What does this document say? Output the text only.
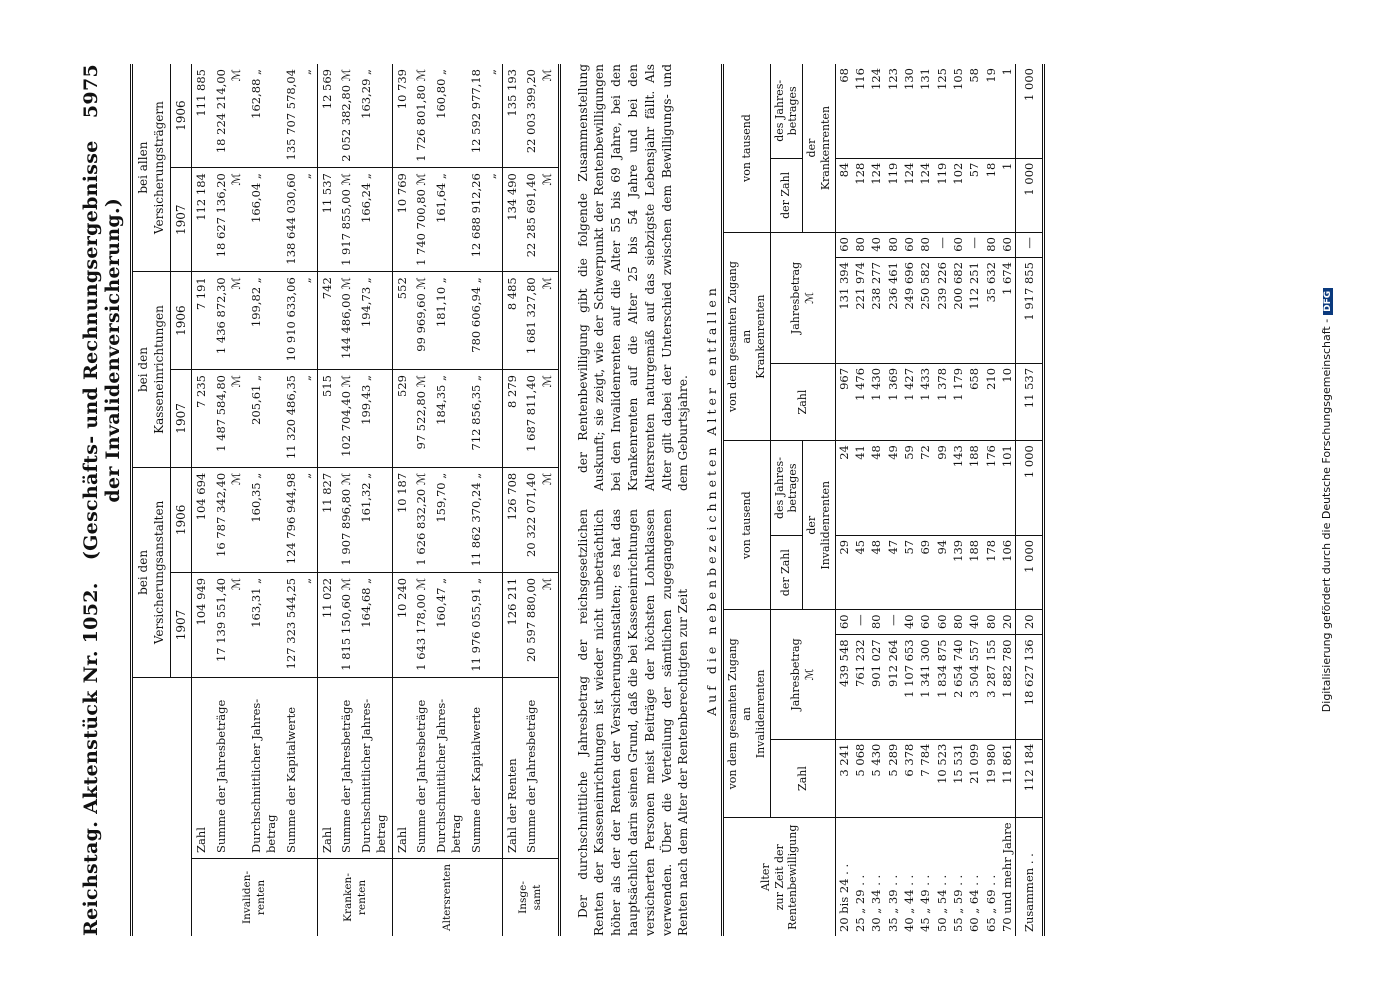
Reichstag. Aktenstück Nr. 1052.
(Geschäfts- und Rechnungsergebnisse der Invalidenversicherung.)
5975
		bei den
Versicherungsanstalten		bei den
Kasseneinrichtungen		bei allen
Versicherungsträgern	
		1907	1906	1907	1906	1907	1906
Invaliden-
renten	Zahl	104 949	104 694	7 235	7 191	112 184	111 885
	Summe der Jahresbeträge	17 139 551,40 ℳ	16 787 342,40 ℳ	1 487 584,80 ℳ	1 436 872,30 ℳ	18 627 136,20 ℳ	18 224 214,00 ℳ
	Durchschnittlicher Jahres-
betrag	163,31 „	160,35 „	205,61 „	199,82 „	166,04 „	162,88 „
	Summe der Kapitalwerte	127 323 544,25 „	124 796 944,98 „	11 320 486,35 „	10 910 633,06 „	138 644 030,60 „	135 707 578,04 „
Kranken-
renten	Zahl	11 022	11 827	515	742	11 537	12 569
	Summe der Jahresbeträge	1 815 150,60 ℳ	1 907 896,80 ℳ	102 704,40 ℳ	144 486,00 ℳ	1 917 855,00 ℳ	2 052 382,80 ℳ
	Durchschnittlicher Jahres-
betrag	164,68 „	161,32 „	199,43 „	194,73 „	166,24 „	163,29 „
Altersrenten	Zahl	10 240	10 187	529	552	10 769	10 739
	Summe der Jahresbeträge	1 643 178,00 ℳ	1 626 832,20 ℳ	97 522,80 ℳ	99 969,60 ℳ	1 740 700,80 ℳ	1 726 801,80 ℳ
	Durchschnittlicher Jahres-
betrag	160,47 „	159,70 „	184,35 „	181,10 „	161,64 „	160,80 „
	Summe der Kapitalwerte	11 976 055,91 „	11 862 370,24 „	712 856,35 „	780 606,94 „	12 688 912,26 „	12 592 977,18 „
Insge-
samt	Zahl der Renten	126 211	126 708	8 279	8 485	134 490	135 193
	Summe der Jahresbeträge	20 597 880,00 ℳ	20 322 071,40 ℳ	1 687 811,40 ℳ	1 681 327,80 ℳ	22 285 691,40 ℳ	22 003 399,20 ℳ

Der durchschnittliche Jahresbetrag der reichsgesetzlichen Renten der Kasseneinrichtungen ist wieder nicht unbeträchtlich höher als der der Renten der Versicherungsanstalten; es hat das hauptsächlich darin seinen Grund, daß die bei Kasseneinrichtungen versicherten Personen meist Beiträge der höchsten Lohnklassen verwenden. Über die Verteilung der sämtlichen zugegangenen Renten nach dem Alter der Rentenberechtigten zur Zeit

der Rentenbewilligung gibt die folgende Zusammenstellung Auskunft; sie zeigt, wie der Schwerpunkt der Rentenbewilligungen bei den Invalidenrenten auf die Alter 55 bis 69 Jahre, bei den Krankenrenten auf die Alter 25 bis 54 Jahre und bei den Altersrenten naturgemäß auf das siebzigste Lebensjahr fällt. Als Alter gilt dabei der Unterschied zwischen dem Bewilligungs- und dem Geburtsjahre. Auf die nebenbezeichneten Alter entfallen
Alter
zur Zeit der
Rentenbewilligung	von dem gesamten Zugang
an
Invalidenrenten			von tausend		von dem gesamten Zugang
an
Krankenrenten			von tausend	
	Zahl	Jahresbetrag
ℳ		der Zahl	des Jahres-
betrages	Zahl	Jahresbetrag
ℳ		der Zahl	des Jahres-
betrages
				der
Invalidenrenten					der
Krankenrenten	
20 bis 24 . .	3 241	439 548	60	29	24	967	131 394	60	84	68
25 „ 29 . .	5 068	761 232	—	45	41	1 476	221 974	80	128	116
30 „ 34 . .	5 430	901 027	80	48	48	1 430	238 277	40	124	124
35 „ 39 . .	5 289	912 264	—	47	49	1 369	236 461	80	119	123
40 „ 44 . .	6 378	1 107 653	40	57	59	1 427	249 696	60	124	130
45 „ 49 . .	7 784	1 341 300	60	69	72	1 433	250 582	80	124	131
50 „ 54 . .	10 523	1 834 875	60	94	99	1 378	239 226	—	119	125
55 „ 59 . .	15 531	2 654 740	80	139	143	1 179	200 682	60	102	105
60 „ 64 . .	21 099	3 504 557	40	188	188	658	112 251	—	57	58
65 „ 69 . .	19 980	3 287 155	80	178	176	210	35 632	80	18	19
70 und mehr Jahre	11 861	1 882 780	20	106	101	10	1 674	60	1	1
Zusammen . .	112 184	18 627 136	20	1 000	1 000	11 537	1 917 855	—	1 000	1 000
Digitalisierung gefördert durch die Deutsche Forschungsgemeinschaft -DFG
